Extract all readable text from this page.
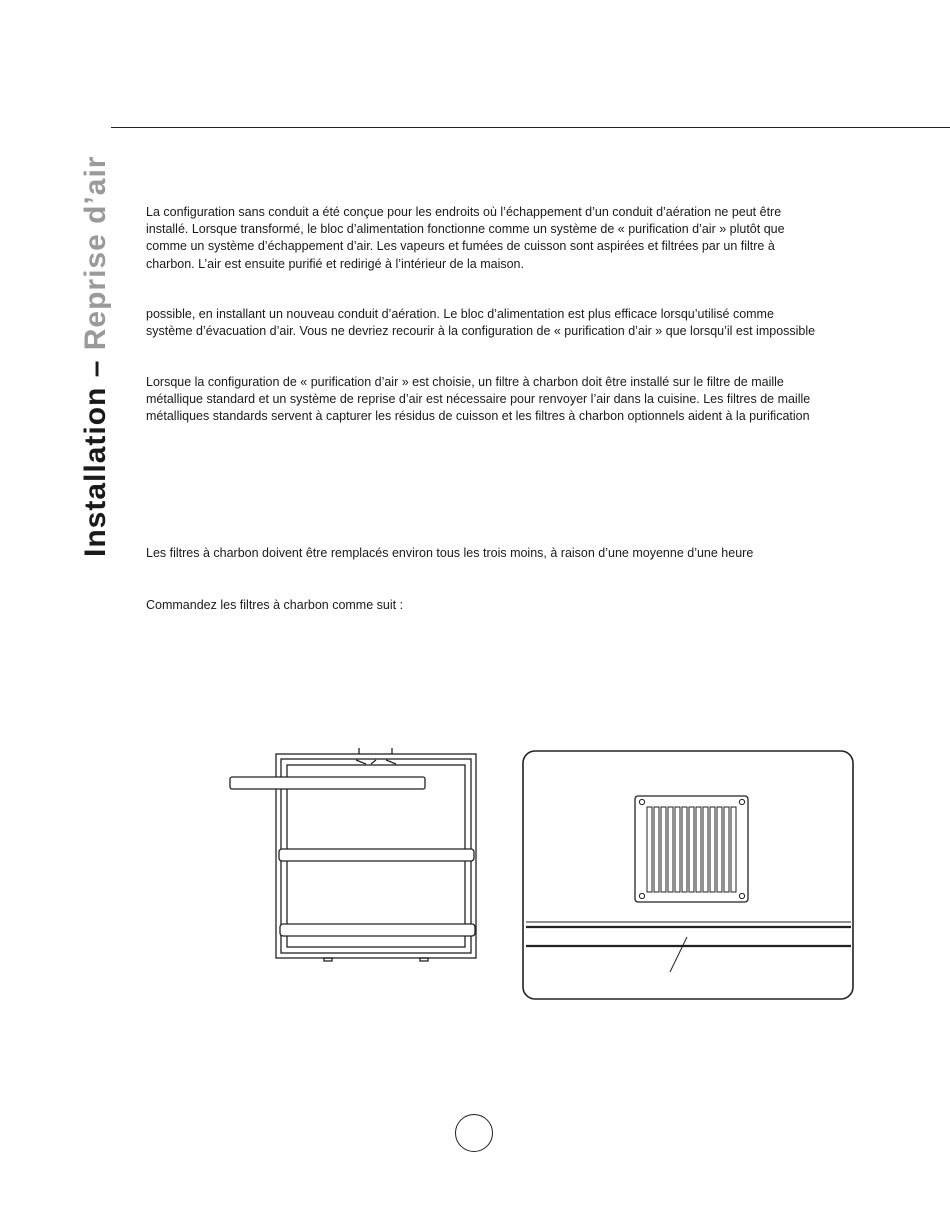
Installation – Reprise d’air	La configuration sans conduit a été conçue pour les endroits où l’échappement d’un conduit d’aération ne peut être
installé. Lorsque transformé, le bloc d’alimentation fonctionne comme un système de « purification d’air » plutôt que
comme un système d’échappement d’air. Les vapeurs et fumées de cuisson sont aspirées et filtrées par un filtre à
charbon. L’air est ensuite purifié et redirigé à l’intérieur de la maison.

possible, en installant un nouveau conduit d’aération. Le bloc d’alimentation est plus efficace lorsqu’utilisé comme
système d’évacuation d’air. Vous ne devriez recourir à la configuration de « purification d’air » que lorsqu’il est impossible

Lorsque la configuration de « purification d’air » est choisie, un filtre à charbon doit être installé sur le filtre de maille
métallique standard et un système de reprise d’air est nécessaire pour renvoyer l’air dans la cuisine. Les filtres de maille
métalliques standards servent à capturer les résidus de cuisson et les filtres à charbon optionnels aident à la purification

Les filtres à charbon doivent être remplacés environ tous les trois moins, à raison d’une moyenne d’une heure

Commandez les filtres à charbon comme suit :
